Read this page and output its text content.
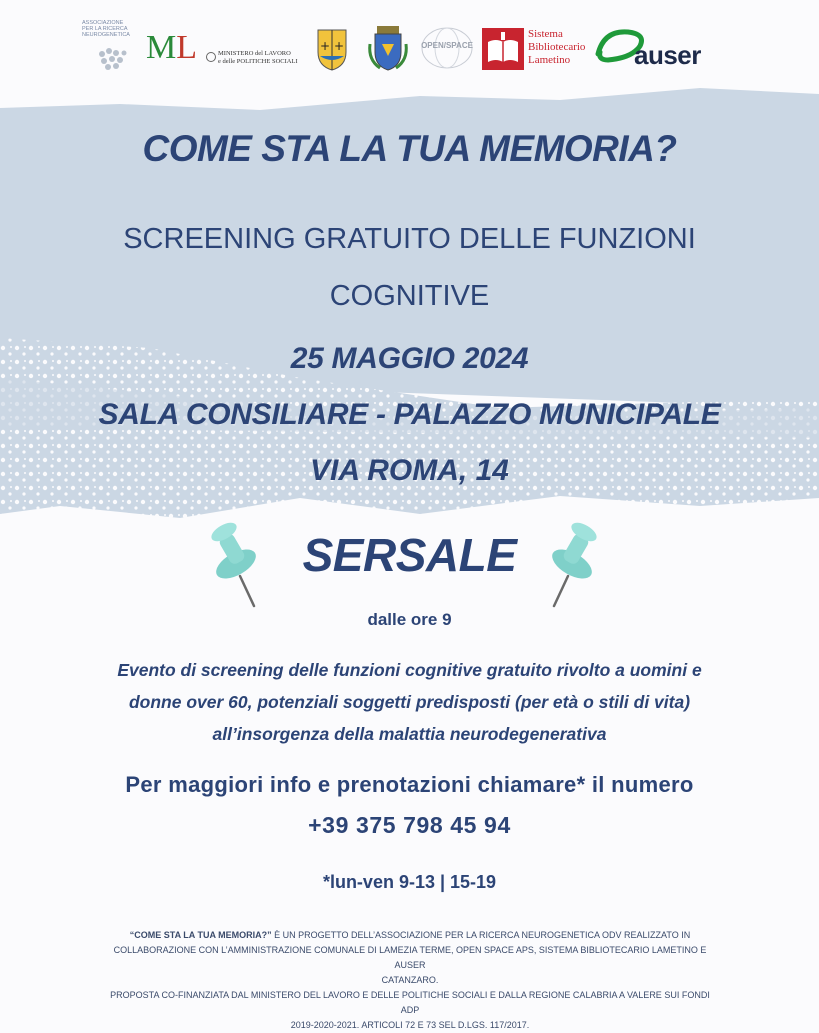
ASSOCIAZIONE
PER LA RICERCA
NEUROGENETICA ML	MINISTERO del LAVORO
e delle POLITICHE SOCIALI
+ +	OPEN/SPACE
Sistema
Bibliotecario
Lametino	auser
COME STA LA TUA MEMORIA?
SCREENING GRATUITO DELLE FUNZIONI
COGNITIVE
25 MAGGIO 2024
SALA CONSILIARE - PALAZZO MUNICIPALE
VIA ROMA, 14
SERSALE
dalle ore 9
Evento di screening delle funzioni cognitive gratuito rivolto a uomini e
donne over 60, potenziali soggetti predisposti (per età o stili di vita)
all’insorgenza della malattia neurodegenerativa
Per maggiori info e prenotazioni chiamare* il numero
+39 375 798 45 94
*lun-ven 9-13 | 15-19
“COME STA LA TUA MEMORIA?” È UN PROGETTO DELL’ASSOCIAZIONE PER LA RICERCA NEUROGENETICA ODV REALIZZATO IN
COLLABORAZIONE CON L’AMMINISTRAZIONE COMUNALE DI LAMEZIA TERME, OPEN SPACE APS, SISTEMA BIBLIOTECARIO LAMETINO E AUSER
CATANZARO.
PROPOSTA CO-FINANZIATA DAL MINISTERO DEL LAVORO E DELLE POLITICHE SOCIALI E DALLA REGIONE CALABRIA A VALERE SUI FONDI ADP
2019-2020-2021. ARTICOLI 72 E 73 SEL D.LGS. 117/2017.
